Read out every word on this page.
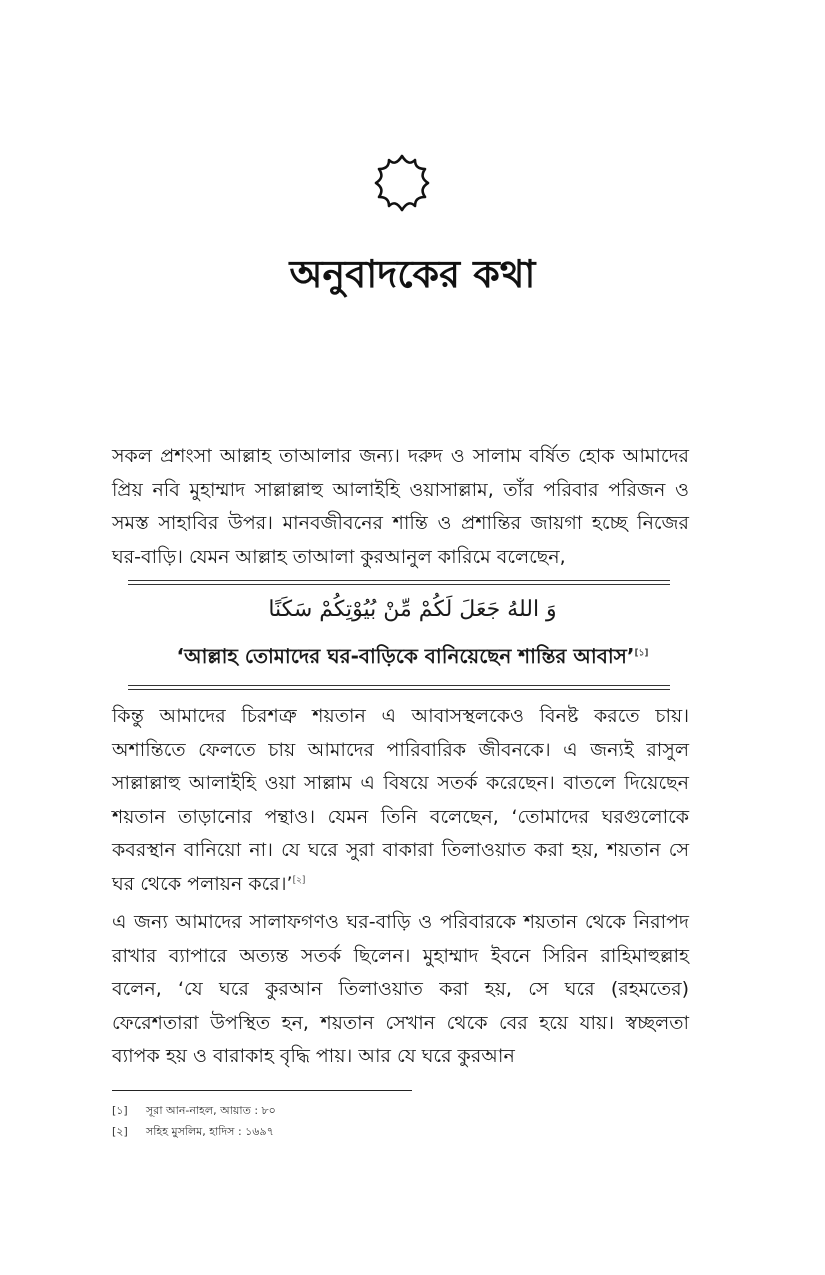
অনুবাদকের কথা

সকল প্রশংসা আল্লাহ তাআলার জন্য। দরুদ ও সালাম বর্ষিত হোক আমাদের প্রিয় নবি মুহাম্মাদ সাল্লাল্লাহু আলাইহি ওয়াসাল্লাম, তাঁর পরিবার পরিজন ও সমস্ত সাহাবির উপর। মানবজীবনের শান্তি ও প্রশান্তির জায়গা হচ্ছে নিজের ঘর-বাড়ি। যেমন আল্লাহ তাআলা কুরআনুল কারিমে বলেছেন,

وَ اللهُ جَعَلَ لَكُمْ مِّنْ بُيُوْتِكُمْ سَكَنًا
‘আল্লাহ তোমাদের ঘর-বাড়িকে বানিয়েছেন শান্তির আবাস’[১]

কিন্তু আমাদের চিরশত্রু শয়তান এ আবাসস্থলকেও বিনষ্ট করতে চায়। অশান্তিতে ফেলতে চায় আমাদের পারিবারিক জীবনকে। এ জন্যই রাসুল সাল্লাল্লাহু আলাইহি ওয়া সাল্লাম এ বিষয়ে সতর্ক করেছেন। বাতলে দিয়েছেন শয়তান তাড়ানোর পন্থাও। যেমন তিনি বলেছেন, ‘তোমাদের ঘরগুলোকে কবরস্থান বানিয়ো না। যে ঘরে সুরা বাকারা তিলাওয়াত করা হয়, শয়তান সে ঘর থেকে পলায়ন করে।’[২]

এ জন্য আমাদের সালাফগণও ঘর-বাড়ি ও পরিবারকে শয়তান থেকে নিরাপদ রাখার ব্যাপারে অত্যন্ত সতর্ক ছিলেন। মুহাম্মাদ ইবনে সিরিন রাহিমাহুল্লাহ বলেন, ‘যে ঘরে কুরআন তিলাওয়াত করা হয়, সে ঘরে (রহমতের) ফেরেশতারা উপস্থিত হন, শয়তান সেখান থেকে বের হয়ে যায়। স্বচ্ছলতা ব্যাপক হয় ও বারাকাহ বৃদ্ধি পায়। আর যে ঘরে কুরআন

[১]	সূরা আন-নাহল, আয়াত : ৮০
[২]	সহিহ মুসলিম, হাদিস : ১৬৯৭
